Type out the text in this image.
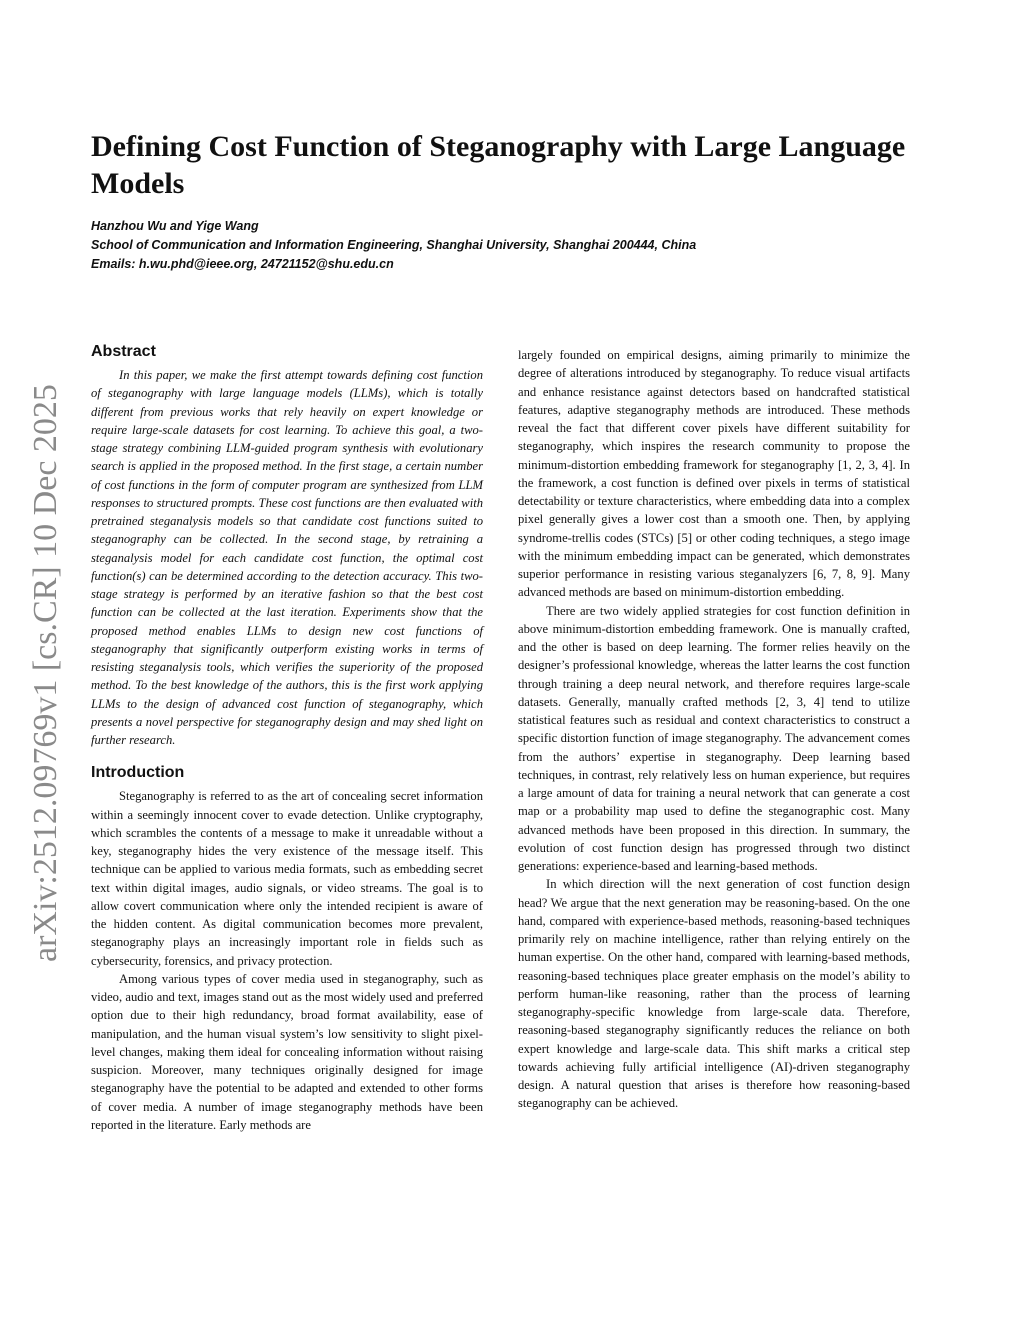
arXiv:2512.09769v1 [cs.CR] 10 Dec 2025
Defining Cost Function of Steganography with Large Language Models
Hanzhou Wu and Yige Wang
School of Communication and Information Engineering, Shanghai University, Shanghai 200444, China
Emails: h.wu.phd@ieee.org, 24721152@shu.edu.cn
Abstract

In this paper, we make the first attempt towards defining cost function of steganography with large language models (LLMs), which is totally different from previous works that rely heavily on expert knowledge or require large-scale datasets for cost learning. To achieve this goal, a two-stage strategy combining LLM-guided program synthesis with evolutionary search is applied in the proposed method. In the first stage, a certain number of cost functions in the form of computer program are synthesized from LLM responses to structured prompts. These cost functions are then evaluated with pretrained steganalysis models so that candidate cost functions suited to steganography can be collected. In the second stage, by retraining a steganalysis model for each candidate cost function, the optimal cost function(s) can be determined according to the detection accuracy. This two-stage strategy is performed by an iterative fashion so that the best cost function can be collected at the last iteration. Experiments show that the proposed method enables LLMs to design new cost functions of steganography that significantly outperform existing works in terms of resisting steganalysis tools, which verifies the superiority of the proposed method. To the best knowledge of the authors, this is the first work applying LLMs to the design of advanced cost function of steganography, which presents a novel perspective for steganography design and may shed light on further research.

Introduction

Steganography is referred to as the art of concealing secret information within a seemingly innocent cover to evade detection. Unlike cryptography, which scrambles the contents of a message to make it unreadable without a key, steganography hides the very existence of the message itself. This technique can be applied to various media formats, such as embedding secret text within digital images, audio signals, or video streams. The goal is to allow covert communication where only the intended recipient is aware of the hidden content. As digital communication becomes more prevalent, steganography plays an increasingly important role in fields such as cybersecurity, forensics, and privacy protection.

Among various types of cover media used in steganography, such as video, audio and text, images stand out as the most widely used and preferred option due to their high redundancy, broad format availability, ease of manipulation, and the human visual system’s low sensitivity to slight pixel-level changes, making them ideal for concealing information without raising suspicion. Moreover, many techniques originally designed for image steganography have the potential to be adapted and extended to other forms of cover media. A number of image steganography methods have been reported in the literature. Early methods are

largely founded on empirical designs, aiming primarily to minimize the degree of alterations introduced by steganography. To reduce visual artifacts and enhance resistance against detectors based on handcrafted statistical features, adaptive steganography methods are introduced. These methods reveal the fact that different cover pixels have different suitability for steganography, which inspires the research community to propose the minimum-distortion embedding framework for steganography [1, 2, 3, 4]. In the framework, a cost function is defined over pixels in terms of statistical detectability or texture characteristics, where embedding data into a complex pixel generally gives a lower cost than a smooth one. Then, by applying syndrome-trellis codes (STCs) [5] or other coding techniques, a stego image with the minimum embedding impact can be generated, which demonstrates superior performance in resisting various steganalyzers [6, 7, 8, 9]. Many advanced methods are based on minimum-distortion embedding.

There are two widely applied strategies for cost function definition in above minimum-distortion embedding framework. One is manually crafted, and the other is based on deep learning. The former relies heavily on the designer’s professional knowledge, whereas the latter learns the cost function through training a deep neural network, and therefore requires large-scale datasets. Generally, manually crafted methods [2, 3, 4] tend to utilize statistical features such as residual and context characteristics to construct a specific distortion function of image steganography. The advancement comes from the authors’ expertise in steganography. Deep learning based techniques, in contrast, rely relatively less on human experience, but requires a large amount of data for training a neural network that can generate a cost map or a probability map used to define the steganographic cost. Many advanced methods have been proposed in this direction. In summary, the evolution of cost function design has progressed through two distinct generations: experience-based and learning-based methods.

In which direction will the next generation of cost function design head? We argue that the next generation may be reasoning-based. On the one hand, compared with experience-based methods, reasoning-based techniques primarily rely on machine intelligence, rather than relying entirely on the human expertise. On the other hand, compared with learning-based methods, reasoning-based techniques place greater emphasis on the model’s ability to perform human-like reasoning, rather than the process of learning steganography-specific knowledge from large-scale data. Therefore, reasoning-based steganography significantly reduces the reliance on both expert knowledge and large-scale data. This shift marks a critical step towards achieving fully artificial intelligence (AI)-driven steganography design. A natural question that arises is therefore how reasoning-based steganography can be achieved.
